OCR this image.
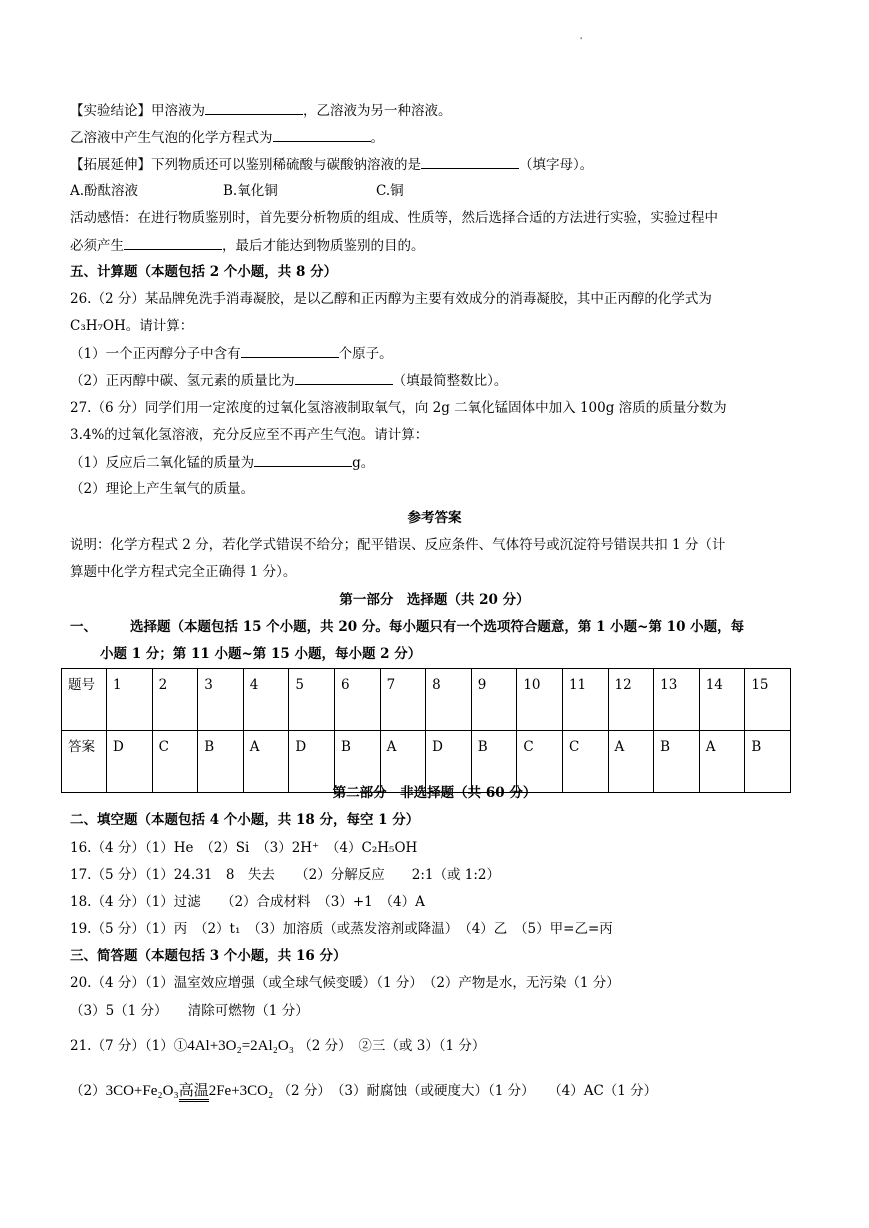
'
【实验结论】甲溶液为	，乙溶液为另一种溶液。
乙溶液中产生气泡的化学方程式为	。
【拓展延伸】下列物质还可以鉴别稀硫酸与碳酸钠溶液的是	（填字母）。
A.酚酞溶液	B.氧化铜	C.铜
活动感悟：在进行物质鉴别时，首先要分析物质的组成、性质等，然后选择合适的方法进行实验，实验过程中
必须产生	，最后才能达到物质鉴别的目的。
五、计算题（本题包括 2 个小题，共 8 分）
26.（2 分）某品牌免洗手消毒凝胶，是以乙醇和正丙醇为主要有效成分的消毒凝胶，其中正丙醇的化学式为
C₃H₇OH。请计算：
（1）一个正丙醇分子中含有	个原子。
（2）正丙醇中碳、氢元素的质量比为	（填最简整数比）。
27.（6 分）同学们用一定浓度的过氧化氢溶液制取氧气，向 2g 二氧化锰固体中加入 100g 溶质的质量分数为
3.4%的过氧化氢溶液，充分反应至不再产生气泡。请计算：
（1）反应后二氧化锰的质量为	g。
（2）理论上产生氧气的质量。
参考答案
说明：化学方程式 2 分，若化学式错误不给分；配平错误、反应条件、气体符号或沉淀符号错误共扣 1 分（计
算题中化学方程式完全正确得 1 分）。
第一部分　选择题（共 20 分）
一、 选择题（本题包括 15 个小题，共 20 分。每小题只有一个选项符合题意，第 1 小题~第 10 小题，每
小题 1 分；第 11 小题~第 15 小题，每小题 2 分）
题号	1	2	3	4	5	6	7	8	9	10	11	12	13	14	15
答案	D	C	B	A	D	B	A	D	B	C	C	A	B	A	B
第二部分　非选择题（共 60 分）
二、填空题（本题包括 4 个小题，共 18 分，每空 1 分）
16.（4 分）（1）He　（2）Si　（3）2H⁺　（4）C₂H₅OH
17.（5 分）（1）24.31　8　失去　　（2）分解反应　　2:1（或 1:2）
18.（4 分）（1）过滤　　（2）合成材料　（3）+1　（4）A
19.（5 分）（1）丙　（2）t₁　（3）加溶质（或蒸发溶剂或降温）　（4）乙　（5）甲=乙=丙
三、简答题（本题包括 3 个小题，共 16 分）
20.（4 分）（1）温室效应增强（或全球气候变暖）（1 分）　（2）产物是水，无污染（1 分）
（3）5（1 分）　　清除可燃物（1 分）
21.（7 分）（1）①4Al+3O₂=2Al₂O₃ （2 分）　②三（或 3）（1 分）
（2）3CO+Fe₂O₃高温2Fe+3CO₂ （2 分）　（3）耐腐蚀（或硬度大）（1 分）　　（4）AC（1 分）
